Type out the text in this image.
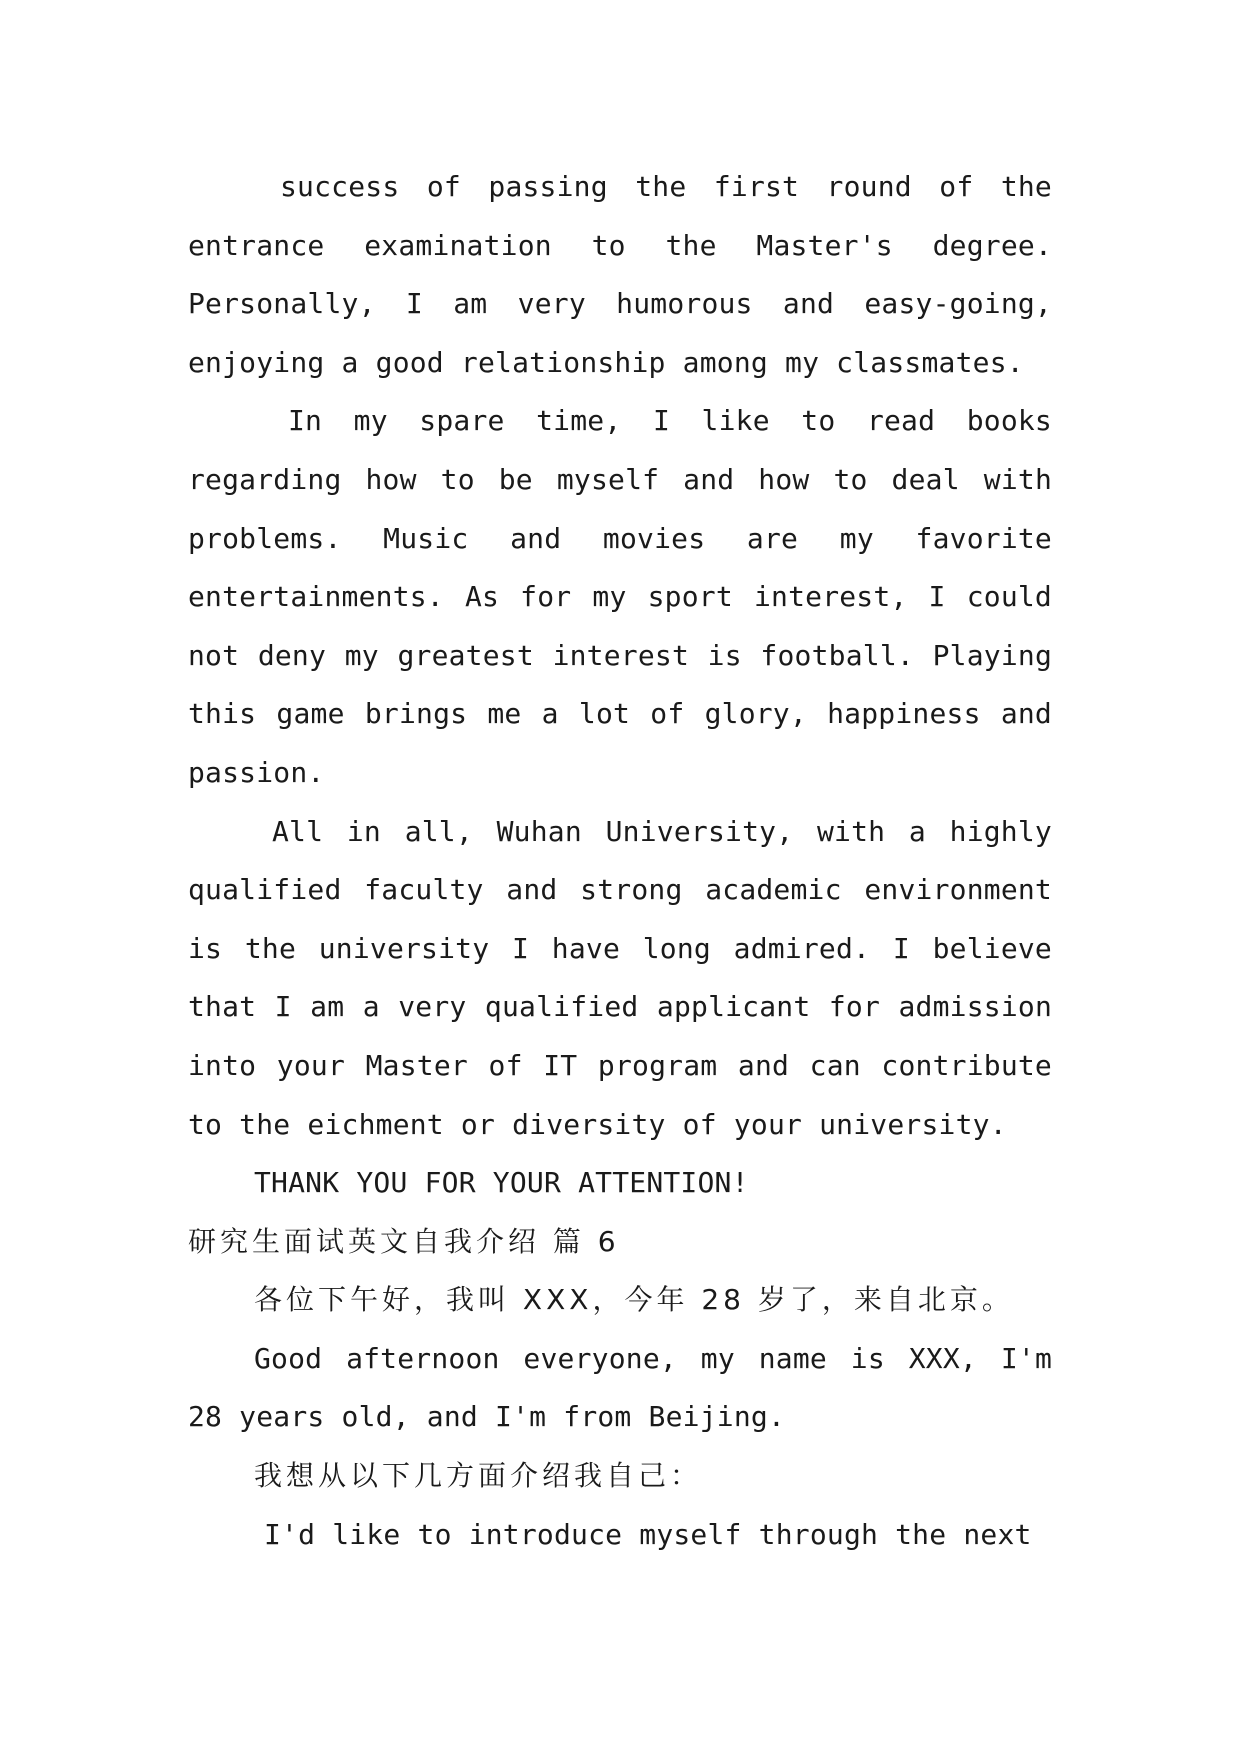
success of passing the first round of the entrance examination to the Master's degree. Personally, I am very humorous and easy-going, enjoying a good relationship among my classmates.

In my spare time, I like to read books regarding how to be myself and how to deal with problems. Music and movies are my favorite entertainments. As for my sport interest, I could not deny my greatest interest is football. Playing this game brings me a lot of glory, happiness and passion.

All in all, Wuhan University, with a highly qualified faculty and strong academic environment is the university I have long admired. I believe that I am a very qualified applicant for admission into your Master of IT program and can contribute to the eichment or diversity of your university.

THANK YOU FOR YOUR ATTENTION!

研究生面试英文自我介绍 篇 6

各位下午好，我叫 XXX，今年 28 岁了，来自北京。

Good afternoon everyone, my name is XXX, I'm 28 years old, and I'm from Beijing.

我想从以下几方面介绍我自己：

I'd like to introduce myself through the next
